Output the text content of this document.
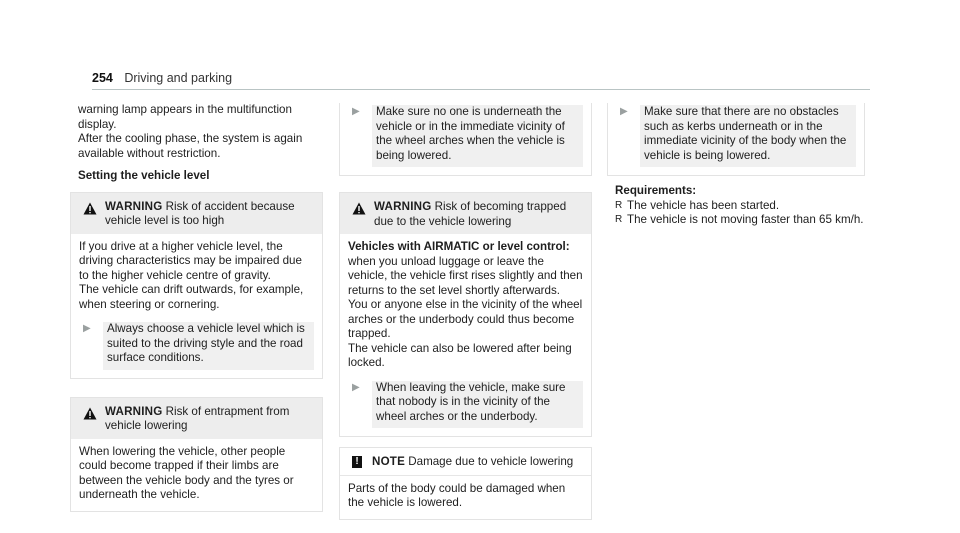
254 Driving and parking

warning lamp appears in the multifunction

display.

After the cooling phase, the system is again

available without restriction.

Setting the vehicle level

WARNING Risk of accident because vehicle level is too high

If you drive at a higher vehicle level, the driving characteristics may be impaired due to the higher vehicle centre of gravity.

The vehicle can drift outwards, for example, when steering or cornering.

▶	Always choose a vehicle level which is suited to the driving style and the road surface conditions.
WARNING Risk of entrapment from vehicle lowering

When lowering the vehicle, other people could become trapped if their limbs are between the vehicle body and the tyres or underneath the vehicle.

▶	Make sure no one is underneath the vehicle or in the immediate vicinity of the wheel arches when the vehicle is being lowered.
WARNING Risk of becoming trapped due to the vehicle lowering

Vehicles with AIRMATIC or level control:

when you unload luggage or leave the vehicle, the vehicle first rises slightly and then returns to the set level shortly afterwards.

You or anyone else in the vicinity of the wheel arches or the underbody could thus become trapped.

The vehicle can also be lowered after being locked.

▶	When leaving the vehicle, make sure that nobody is in the vicinity of the wheel arches or the underbody.
! NOTE Damage due to vehicle lowering

Parts of the body could be damaged when the vehicle is lowered.

▶	Make sure that there are no obstacles such as kerbs underneath or in the immediate vicinity of the body when the vehicle is being lowered.

Requirements:

R The vehicle has been started.
R The vehicle is not moving faster than 65 km/h.
